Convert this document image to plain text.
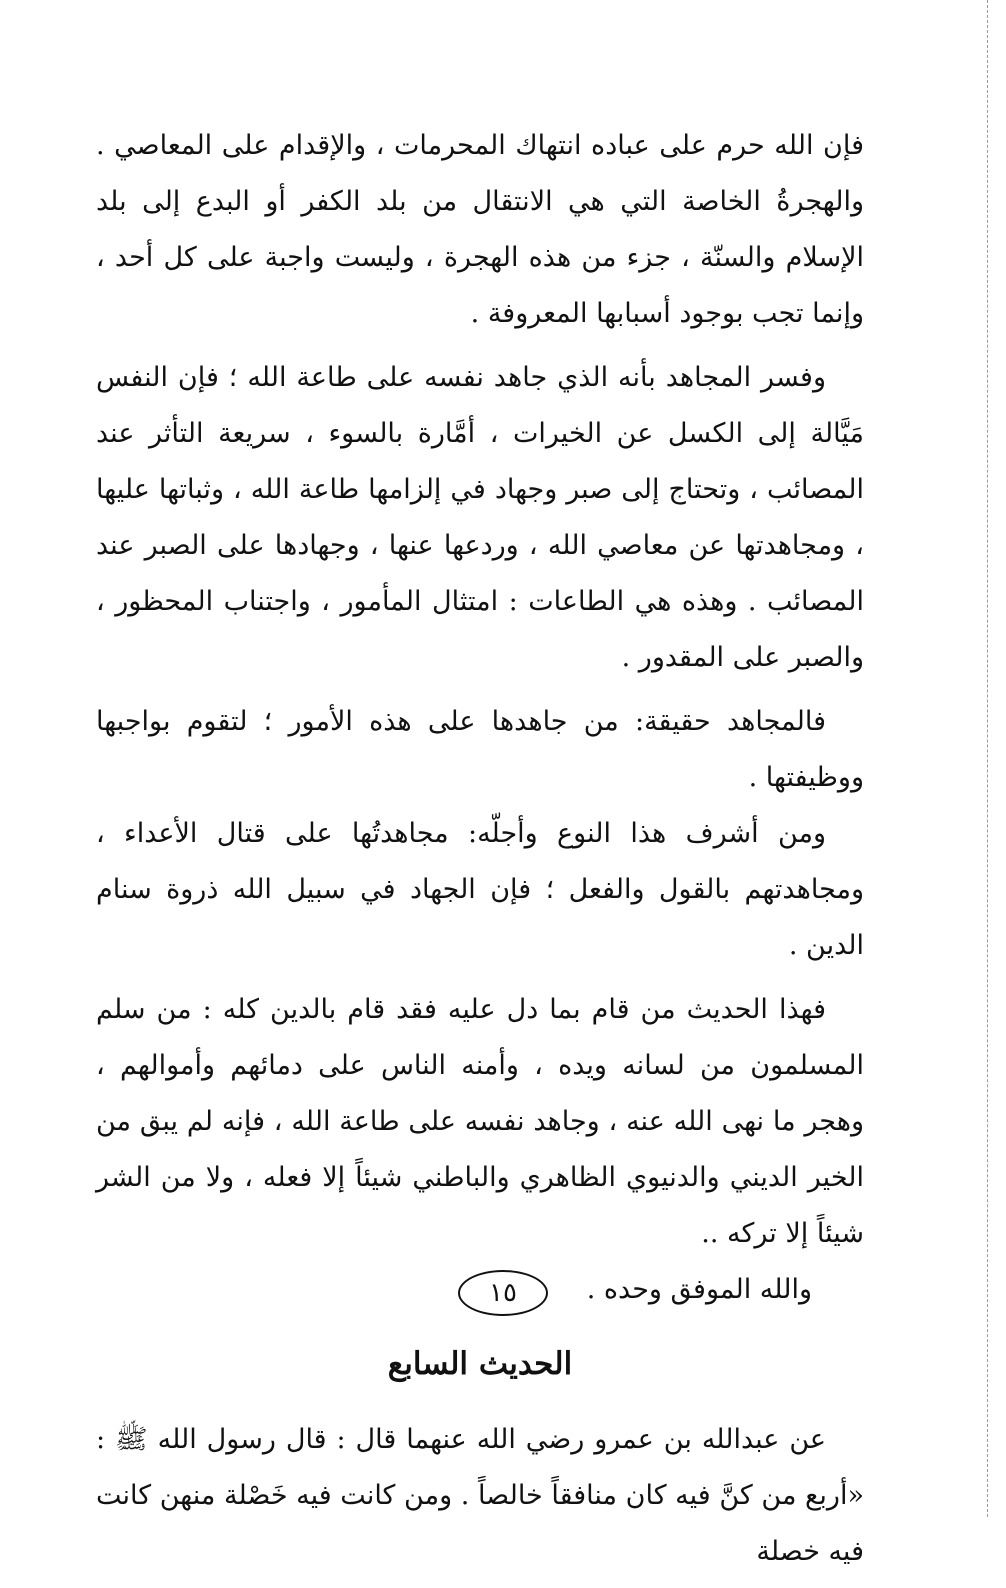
فإن الله حرم على عباده انتهاك المحرمات ، والإقدام على المعاصي . والهجرةُ الخاصة التي هي الانتقال من بلد الكفر أو البدع إلى بلد الإسلام والسنّة ، جزء من هذه الهجرة ، وليست واجبة على كل أحد ، وإنما تجب بوجود أسبابها المعروفة .

وفسر المجاهد بأنه الذي جاهد نفسه على طاعة الله ؛ فإن النفس مَيَّالة إلى الكسل عن الخيرات ، أمَّارة بالسوء ، سريعة التأثر عند المصائب ، وتحتاج إلى صبر وجهاد في إلزامها طاعة الله ، وثباتها عليها ، ومجاهدتها عن معاصي الله ، وردعها عنها ، وجهادها على الصبر عند المصائب . وهذه هي الطاعات : امتثال المأمور ، واجتناب المحظور ، والصبر على المقدور .

فالمجاهد حقيقة: من جاهدها على هذه الأمور ؛ لتقوم بواجبها ووظيفتها .

ومن أشرف هذا النوع وأجلّه: مجاهدتُها على قتال الأعداء ، ومجاهدتهم بالقول والفعل ؛ فإن الجهاد في سبيل الله ذروة سنام الدين .

فهذا الحديث من قام بما دل عليه فقد قام بالدين كله : من سلم المسلمون من لسانه ويده ، وأمنه الناس على دمائهم وأموالهم ، وهجر ما نهى الله عنه ، وجاهد نفسه على طاعة الله ، فإنه لم يبق من الخير الديني والدنيوي الظاهري والباطني شيئاً إلا فعله ، ولا من الشر شيئاً إلا تركه ..

والله الموفق وحده .

الحديث السابع

عن عبدالله بن عمرو رضي الله عنهما قال : قال رسول الله ﷺ : «أربع من كنَّ فيه كان منافقاً خالصاً . ومن كانت فيه خَصْلة منهن كانت فيه خصلة

١٥
